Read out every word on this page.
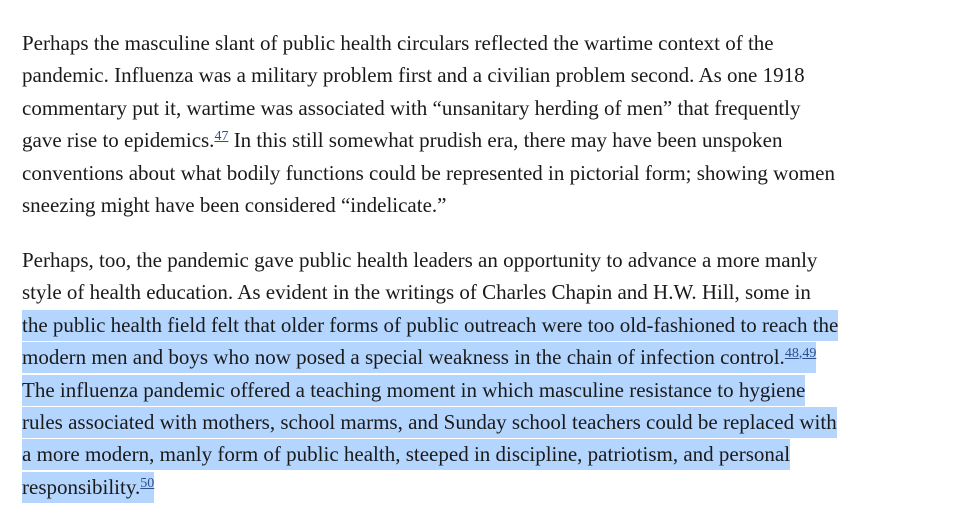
Perhaps the masculine slant of public health circulars reflected the wartime context of the
pandemic. Influenza was a military problem first and a civilian problem second. As one 1918
commentary put it, wartime was associated with “unsanitary herding of men” that frequently
gave rise to epidemics.$^{47}$ In this still somewhat prudish era, there may have been unspoken
conventions about what bodily functions could be represented in pictorial form; showing women
sneezing might have been considered “indelicate.”

Perhaps, too, the pandemic gave public health leaders an opportunity to advance a more manly
style of health education. As evident in the writings of Charles Chapin and H.W. Hill, some in
the public health field felt that older forms of public outreach were too old-fashioned to reach the
modern men and boys who now posed a special weakness in the chain of infection control.$^{48,49}$
The influenza pandemic offered a teaching moment in which masculine resistance to hygiene
rules associated with mothers, school marms, and Sunday school teachers could be replaced with
a more modern, manly form of public health, steeped in discipline, patriotism, and personal
responsibility.$^{50}$
